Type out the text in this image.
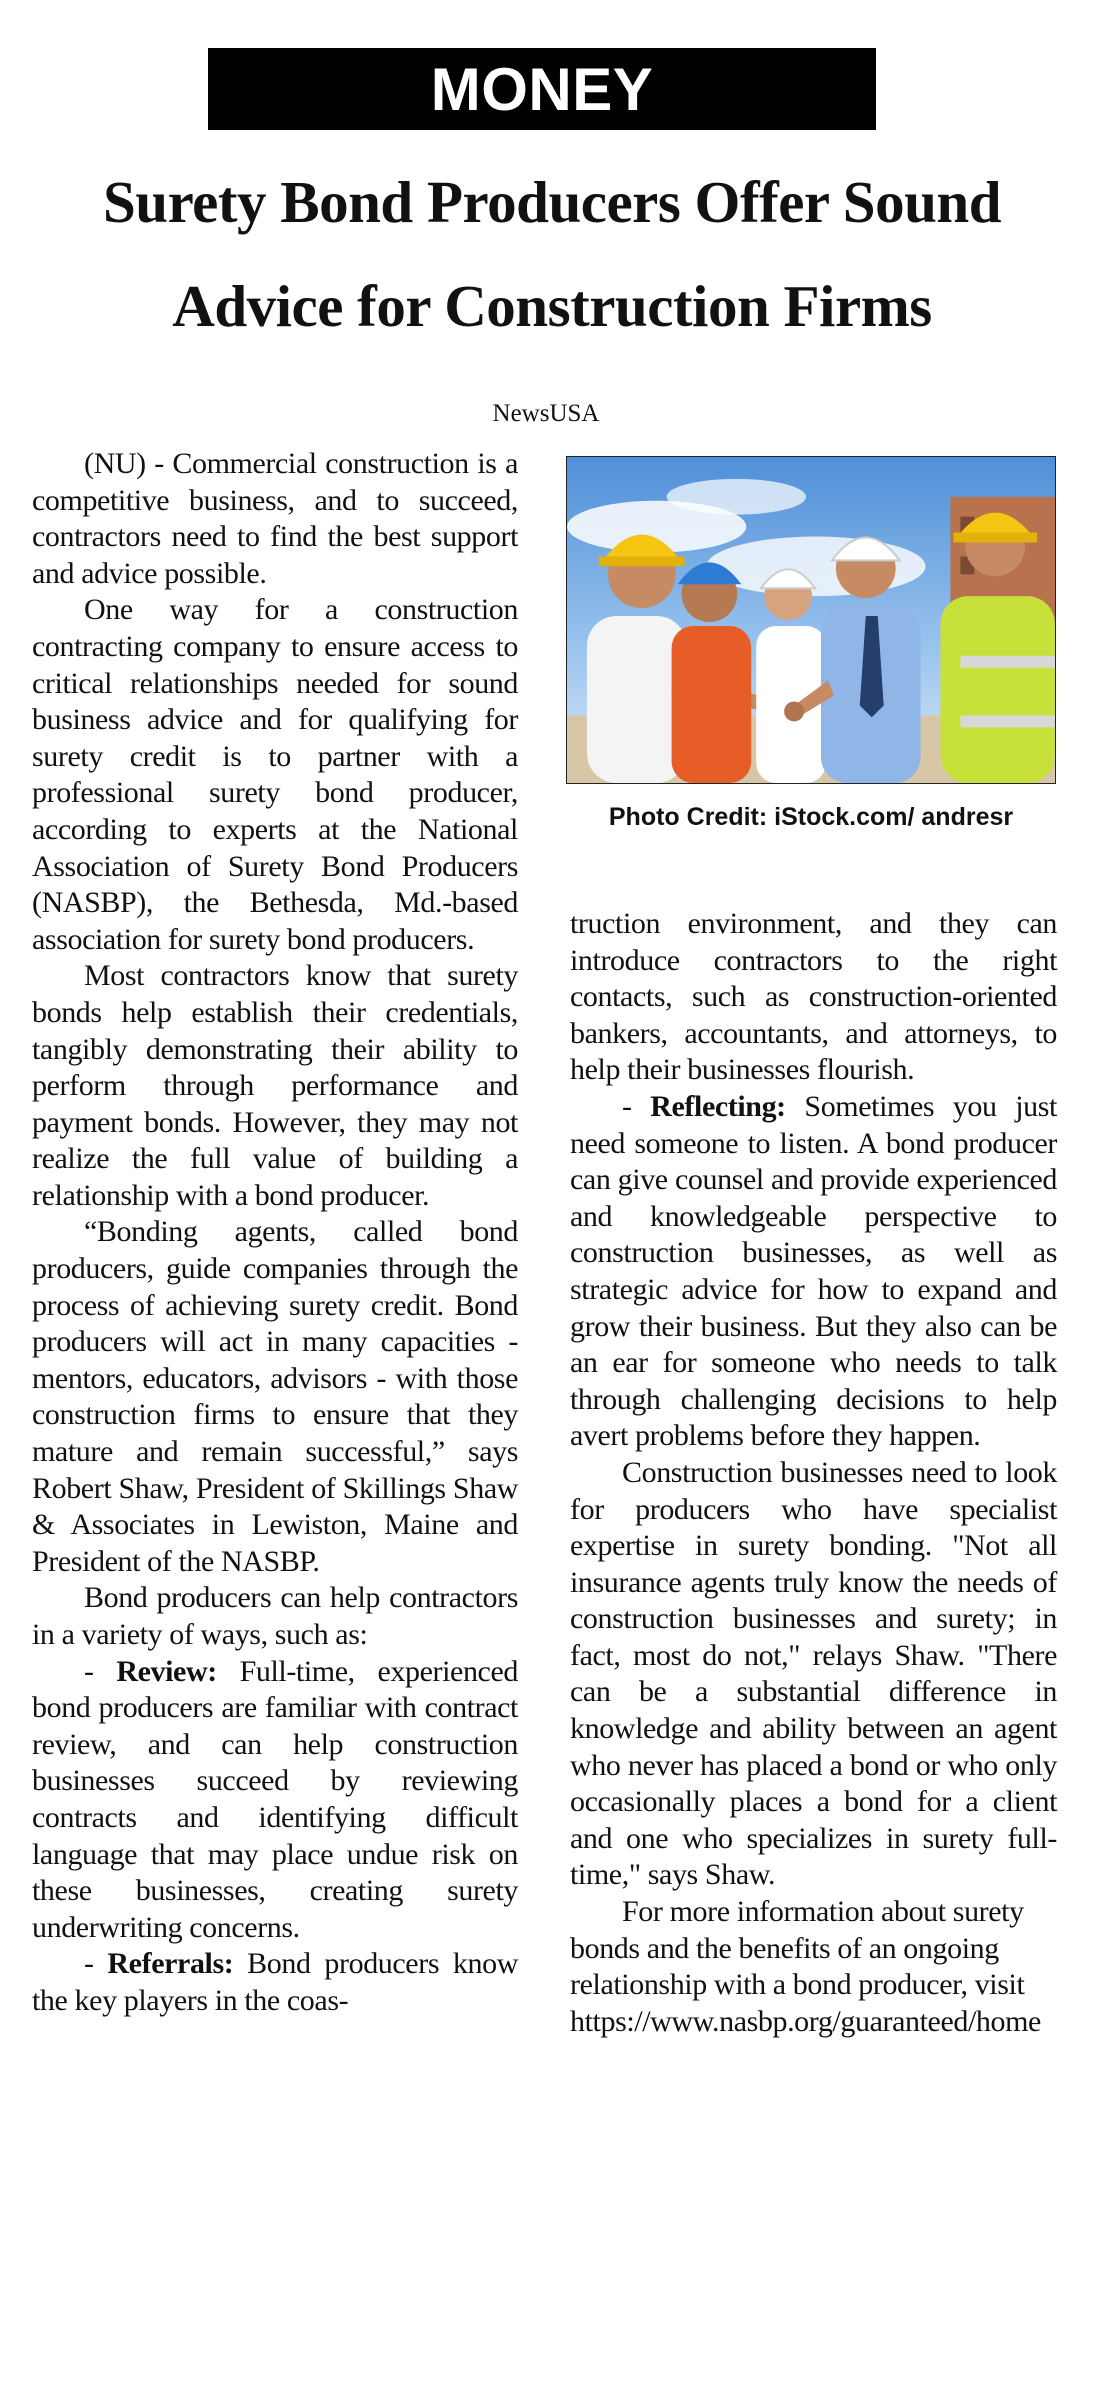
MONEY
Surety Bond Producers Offer Sound Advice for Construction Firms
NewsUSA

(NU) - Commercial construction is a competitive business, and to succeed, contractors need to find the best support and advice possible.

One way for a construction contracting company to ensure access to critical relationships needed for sound business advice and for qualifying for surety credit is to partner with a professional surety bond producer, according to experts at the National Association of Surety Bond Producers (NASBP), the Bethesda, Md.-based association for surety bond producers.

Most contractors know that surety bonds help establish their credentials, tangibly demonstrating their ability to perform through performance and payment bonds. However, they may not realize the full value of building a relationship with a bond producer.

“Bonding agents, called bond producers, guide companies through the process of achieving surety credit. Bond producers will act in many capacities - mentors, educators, advisors - with those construction firms to ensure that they mature and remain successful,” says Robert Shaw, President of Skillings Shaw & Associates in Lewiston, Maine and President of the NASBP.

Bond producers can help contractors in a variety of ways, such as:

- Review: Full-time, experienced bond producers are familiar with contract review, and can help construction businesses succeed by reviewing contracts and identifying difficult language that may place undue risk on these businesses, creating surety underwriting concerns.

- Referrals: Bond producers know the key players in the coas-

Photo Credit: iStock.com/ andresr

truction environment, and they can introduce contractors to the right contacts, such as construction-oriented bankers, accountants, and attorneys, to help their businesses flourish.

- Reflecting: Sometimes you just need someone to listen. A bond producer can give counsel and provide experienced and knowledgeable perspective to construction businesses, as well as strategic advice for how to expand and grow their business. But they also can be an ear for someone who needs to talk through challenging decisions to help avert problems before they happen.

Construction businesses need to look for producers who have specialist expertise in surety bonding. "Not all insurance agents truly know the needs of construction businesses and surety; in fact, most do not," relays Shaw. "There can be a substantial difference in knowledge and ability between an agent who never has placed a bond or who only occasionally places a bond for a client and one who specializes in surety full-time," says Shaw.

For more information about surety bonds and the benefits of an ongoing relationship with a bond producer, visit https://www.nasbp.org/guaranteed/home
